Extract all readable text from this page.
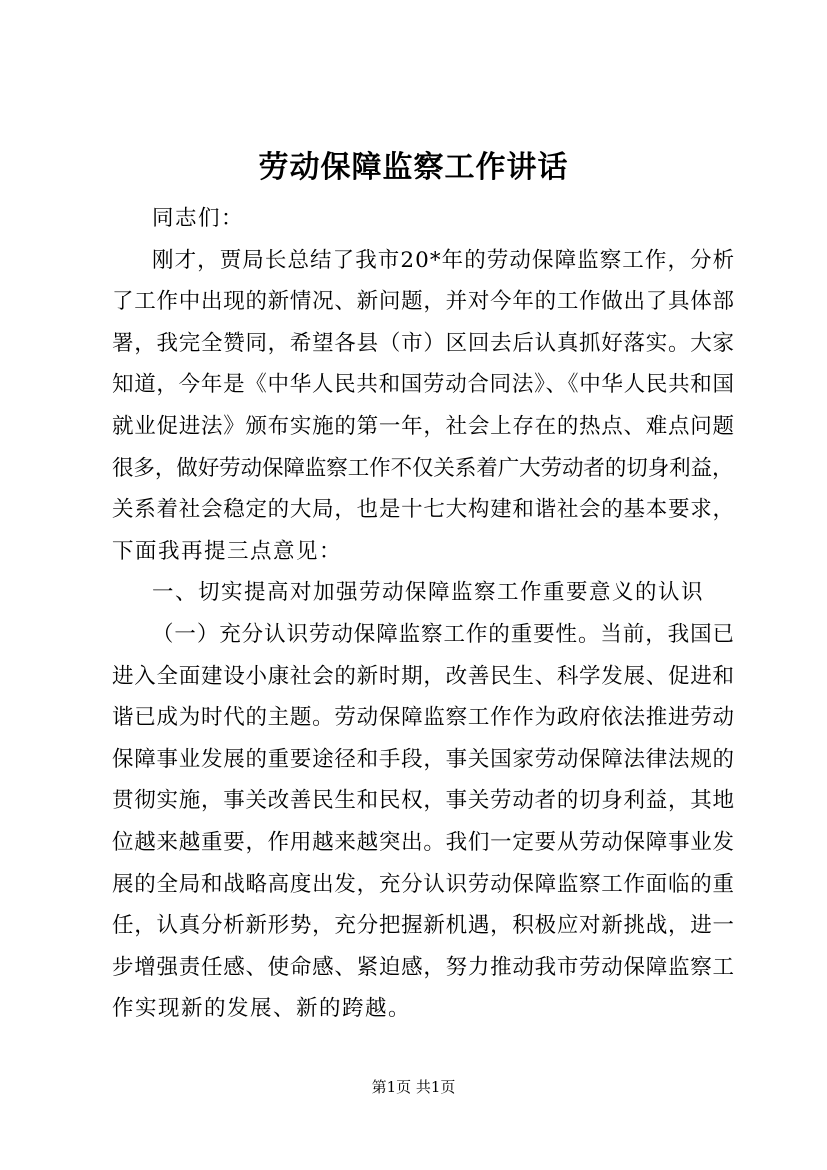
劳动保障监察工作讲话
同志们：
刚才，贾局长总结了我市20*年的劳动保障监察工作，分析
了工作中出现的新情况、新问题，并对今年的工作做出了具体部
署，我完全赞同，希望各县（市）区回去后认真抓好落实。大家
知道，今年是《中华人民共和国劳动合同法》、《中华人民共和国
就业促进法》颁布实施的第一年，社会上存在的热点、难点问题
很多，做好劳动保障监察工作不仅关系着广大劳动者的切身利益，
关系着社会稳定的大局，也是十七大构建和谐社会的基本要求，
下面我再提三点意见：
一、切实提高对加强劳动保障监察工作重要意义的认识
（一）充分认识劳动保障监察工作的重要性。当前，我国已
进入全面建设小康社会的新时期，改善民生、科学发展、促进和
谐已成为时代的主题。劳动保障监察工作作为政府依法推进劳动
保障事业发展的重要途径和手段，事关国家劳动保障法律法规的
贯彻实施，事关改善民生和民权，事关劳动者的切身利益，其地
位越来越重要，作用越来越突出。我们一定要从劳动保障事业发
展的全局和战略高度出发，充分认识劳动保障监察工作面临的重
任，认真分析新形势，充分把握新机遇，积极应对新挑战，进一
步增强责任感、使命感、紧迫感，努力推动我市劳动保障监察工
作实现新的发展、新的跨越。
第1页 共1页
